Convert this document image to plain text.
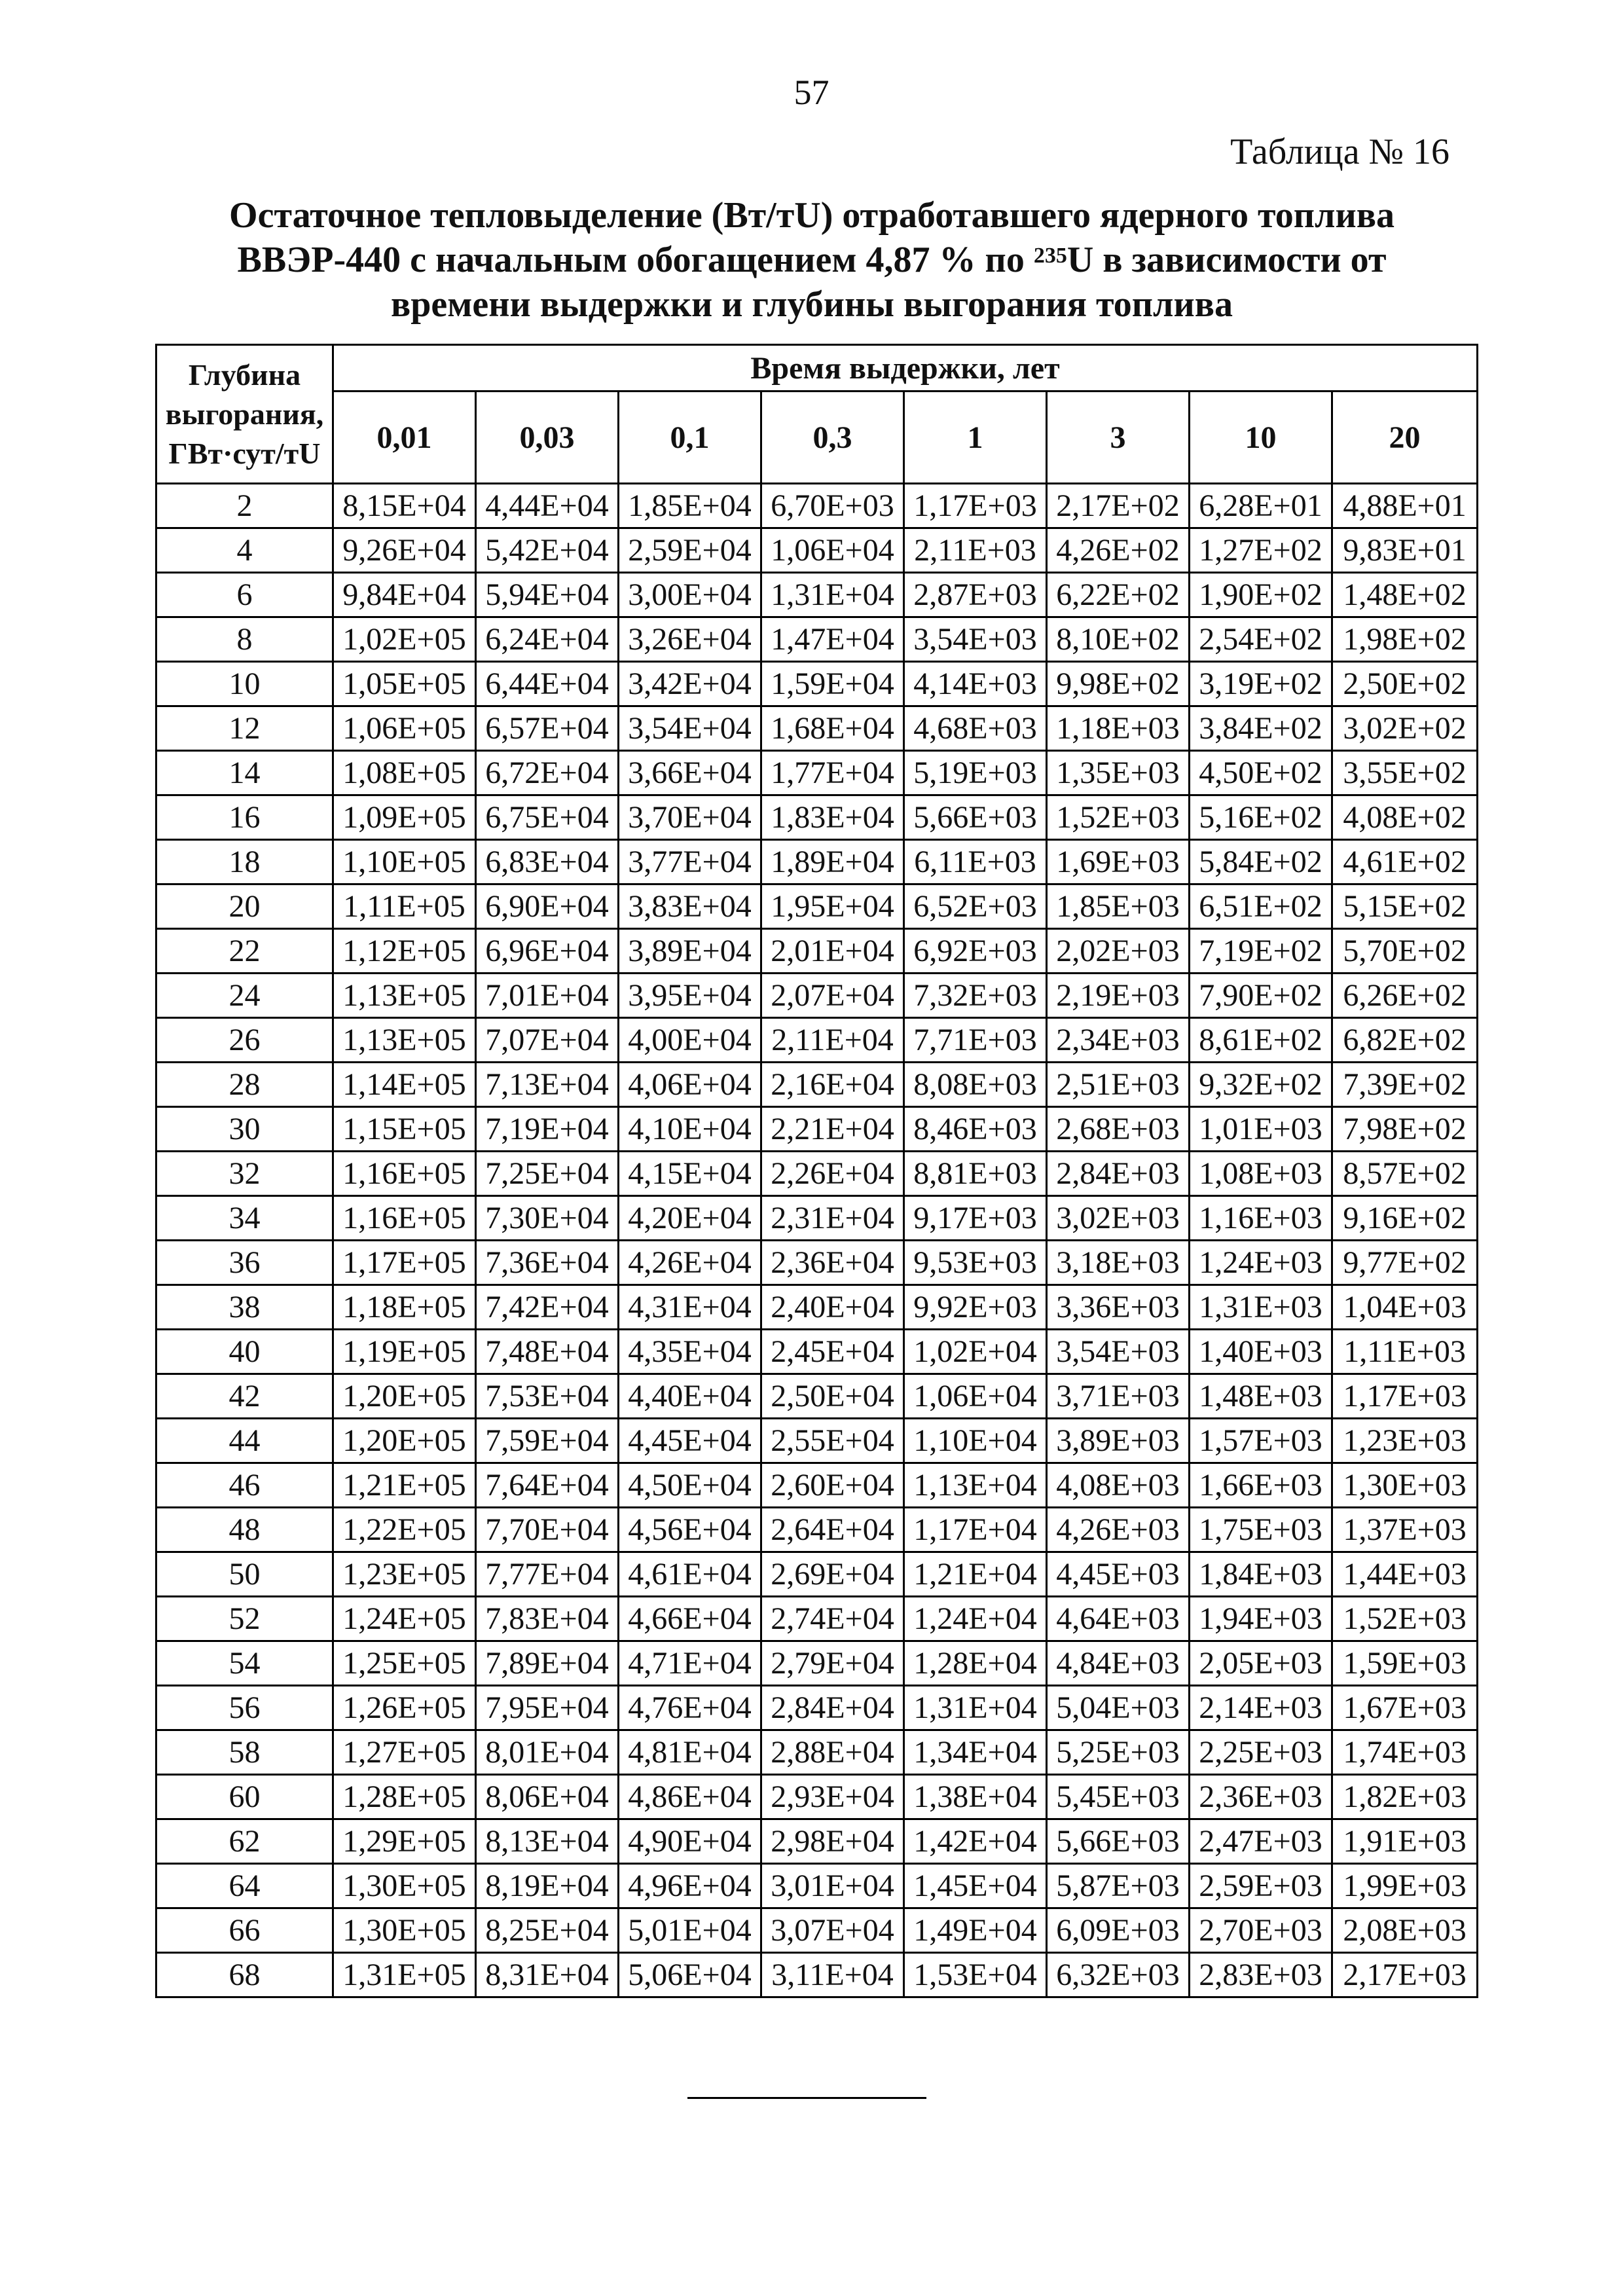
57
Таблица № 16
Остаточное тепловыделение (Вт/тU) отработавшего ядерного топлива
ВВЭР-440 с начальным обогащением 4,87 % по $^{235}$U в зависимости от
времени выдержки и глубины выгорания топлива
Глубина
выгорания,
ГВт·сут/тU	Время выдержки, лет							
	0,01	0,03	0,1	0,3	1	3	10	20
2	8,15E+04	4,44E+04	1,85E+04	6,70E+03	1,17E+03	2,17E+02	6,28E+01	4,88E+01
4	9,26E+04	5,42E+04	2,59E+04	1,06E+04	2,11E+03	4,26E+02	1,27E+02	9,83E+01
6	9,84E+04	5,94E+04	3,00E+04	1,31E+04	2,87E+03	6,22E+02	1,90E+02	1,48E+02
8	1,02E+05	6,24E+04	3,26E+04	1,47E+04	3,54E+03	8,10E+02	2,54E+02	1,98E+02
10	1,05E+05	6,44E+04	3,42E+04	1,59E+04	4,14E+03	9,98E+02	3,19E+02	2,50E+02
12	1,06E+05	6,57E+04	3,54E+04	1,68E+04	4,68E+03	1,18E+03	3,84E+02	3,02E+02
14	1,08E+05	6,72E+04	3,66E+04	1,77E+04	5,19E+03	1,35E+03	4,50E+02	3,55E+02
16	1,09E+05	6,75E+04	3,70E+04	1,83E+04	5,66E+03	1,52E+03	5,16E+02	4,08E+02
18	1,10E+05	6,83E+04	3,77E+04	1,89E+04	6,11E+03	1,69E+03	5,84E+02	4,61E+02
20	1,11E+05	6,90E+04	3,83E+04	1,95E+04	6,52E+03	1,85E+03	6,51E+02	5,15E+02
22	1,12E+05	6,96E+04	3,89E+04	2,01E+04	6,92E+03	2,02E+03	7,19E+02	5,70E+02
24	1,13E+05	7,01E+04	3,95E+04	2,07E+04	7,32E+03	2,19E+03	7,90E+02	6,26E+02
26	1,13E+05	7,07E+04	4,00E+04	2,11E+04	7,71E+03	2,34E+03	8,61E+02	6,82E+02
28	1,14E+05	7,13E+04	4,06E+04	2,16E+04	8,08E+03	2,51E+03	9,32E+02	7,39E+02
30	1,15E+05	7,19E+04	4,10E+04	2,21E+04	8,46E+03	2,68E+03	1,01E+03	7,98E+02
32	1,16E+05	7,25E+04	4,15E+04	2,26E+04	8,81E+03	2,84E+03	1,08E+03	8,57E+02
34	1,16E+05	7,30E+04	4,20E+04	2,31E+04	9,17E+03	3,02E+03	1,16E+03	9,16E+02
36	1,17E+05	7,36E+04	4,26E+04	2,36E+04	9,53E+03	3,18E+03	1,24E+03	9,77E+02
38	1,18E+05	7,42E+04	4,31E+04	2,40E+04	9,92E+03	3,36E+03	1,31E+03	1,04E+03
40	1,19E+05	7,48E+04	4,35E+04	2,45E+04	1,02E+04	3,54E+03	1,40E+03	1,11E+03
42	1,20E+05	7,53E+04	4,40E+04	2,50E+04	1,06E+04	3,71E+03	1,48E+03	1,17E+03
44	1,20E+05	7,59E+04	4,45E+04	2,55E+04	1,10E+04	3,89E+03	1,57E+03	1,23E+03
46	1,21E+05	7,64E+04	4,50E+04	2,60E+04	1,13E+04	4,08E+03	1,66E+03	1,30E+03
48	1,22E+05	7,70E+04	4,56E+04	2,64E+04	1,17E+04	4,26E+03	1,75E+03	1,37E+03
50	1,23E+05	7,77E+04	4,61E+04	2,69E+04	1,21E+04	4,45E+03	1,84E+03	1,44E+03
52	1,24E+05	7,83E+04	4,66E+04	2,74E+04	1,24E+04	4,64E+03	1,94E+03	1,52E+03
54	1,25E+05	7,89E+04	4,71E+04	2,79E+04	1,28E+04	4,84E+03	2,05E+03	1,59E+03
56	1,26E+05	7,95E+04	4,76E+04	2,84E+04	1,31E+04	5,04E+03	2,14E+03	1,67E+03
58	1,27E+05	8,01E+04	4,81E+04	2,88E+04	1,34E+04	5,25E+03	2,25E+03	1,74E+03
60	1,28E+05	8,06E+04	4,86E+04	2,93E+04	1,38E+04	5,45E+03	2,36E+03	1,82E+03
62	1,29E+05	8,13E+04	4,90E+04	2,98E+04	1,42E+04	5,66E+03	2,47E+03	1,91E+03
64	1,30E+05	8,19E+04	4,96E+04	3,01E+04	1,45E+04	5,87E+03	2,59E+03	1,99E+03
66	1,30E+05	8,25E+04	5,01E+04	3,07E+04	1,49E+04	6,09E+03	2,70E+03	2,08E+03
68	1,31E+05	8,31E+04	5,06E+04	3,11E+04	1,53E+04	6,32E+03	2,83E+03	2,17E+03
